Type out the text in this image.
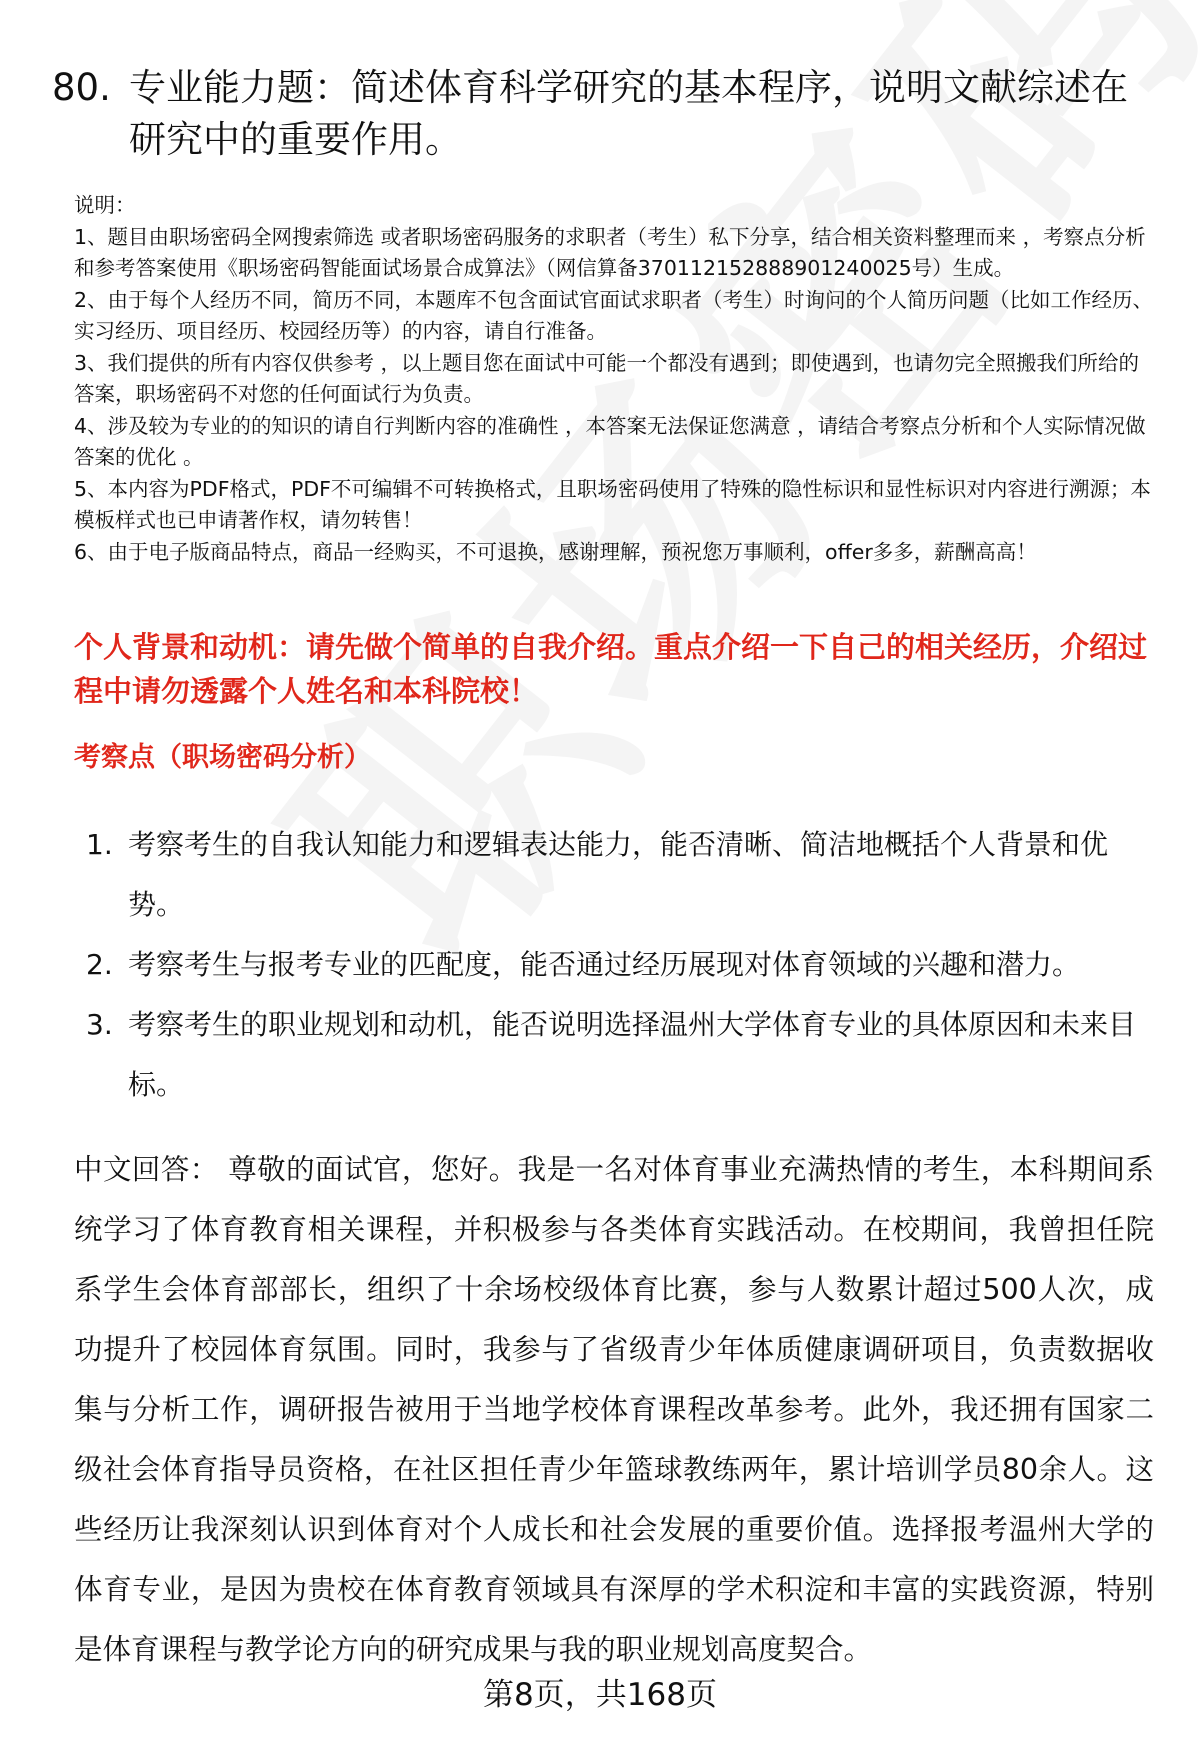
80. 专业能力题：简述体育科学研究的基本程序，说明文献综述在研究中的重要作用。
说明：
1、题目由职场密码全网搜索筛选 或者职场密码服务的求职者（考生）私下分享，结合相关资料整理而来 ，考察点分析和参考答案使用《职场密码智能面试场景合成算法》（网信算备370112152888901240025号）生成。
2、由于每个人经历不同，简历不同，本题库不包含面试官面试求职者（考生）时询问的个人简历问题（比如工作经历、实习经历、项目经历、校园经历等）的内容，请自行准备。
3、我们提供的所有内容仅供参考 ，以上题目您在面试中可能一个都没有遇到；即使遇到，也请勿完全照搬我们所给的答案，职场密码不对您的任何面试行为负责。
4、涉及较为专业的的知识的请自行判断内容的准确性 ，本答案无法保证您满意 ，请结合考察点分析和个人实际情况做答案的优化 。
5、本内容为PDF格式，PDF不可编辑不可转换格式，且职场密码使用了特殊的隐性标识和显性标识对内容进行溯源；本模板样式也已申请著作权，请勿转售！
6、由于电子版商品特点，商品一经购买，不可退换，感谢理解，预祝您万事顺利，offer多多，薪酬高高！
个人背景和动机：请先做个简单的自我介绍。重点介绍一下自己的相关经历，介绍过程中请勿透露个人姓名和本科院校！
考察点（职场密码分析）
1. 考察考生的自我认知能力和逻辑表达能力，能否清晰、简洁地概括个人背景和优势。
2. 考察考生与报考专业的匹配度，能否通过经历展现对体育领域的兴趣和潜力。
3. 考察考生的职业规划和动机，能否说明选择温州大学体育专业的具体原因和未来目标。
中文回答： 尊敬的面试官，您好。我是一名对体育事业充满热情的考生，本科期间系统学习了体育教育相关课程，并积极参与各类体育实践活动。在校期间，我曾担任院系学生会体育部部长，组织了十余场校级体育比赛，参与人数累计超过500人次，成功提升了校园体育氛围。同时，我参与了省级青少年体质健康调研项目，负责数据收集与分析工作，调研报告被用于当地学校体育课程改革参考。此外，我还拥有国家二级社会体育指导员资格，在社区担任青少年篮球教练两年，累计培训学员80余人。这些经历让我深刻认识到体育对个人成长和社会发展的重要价值。选择报考温州大学的体育专业，是因为贵校在体育教育领域具有深厚的学术积淀和丰富的实践资源，特别是体育课程与教学论方向的研究成果与我的职业规划高度契合。
第8页，共168页
